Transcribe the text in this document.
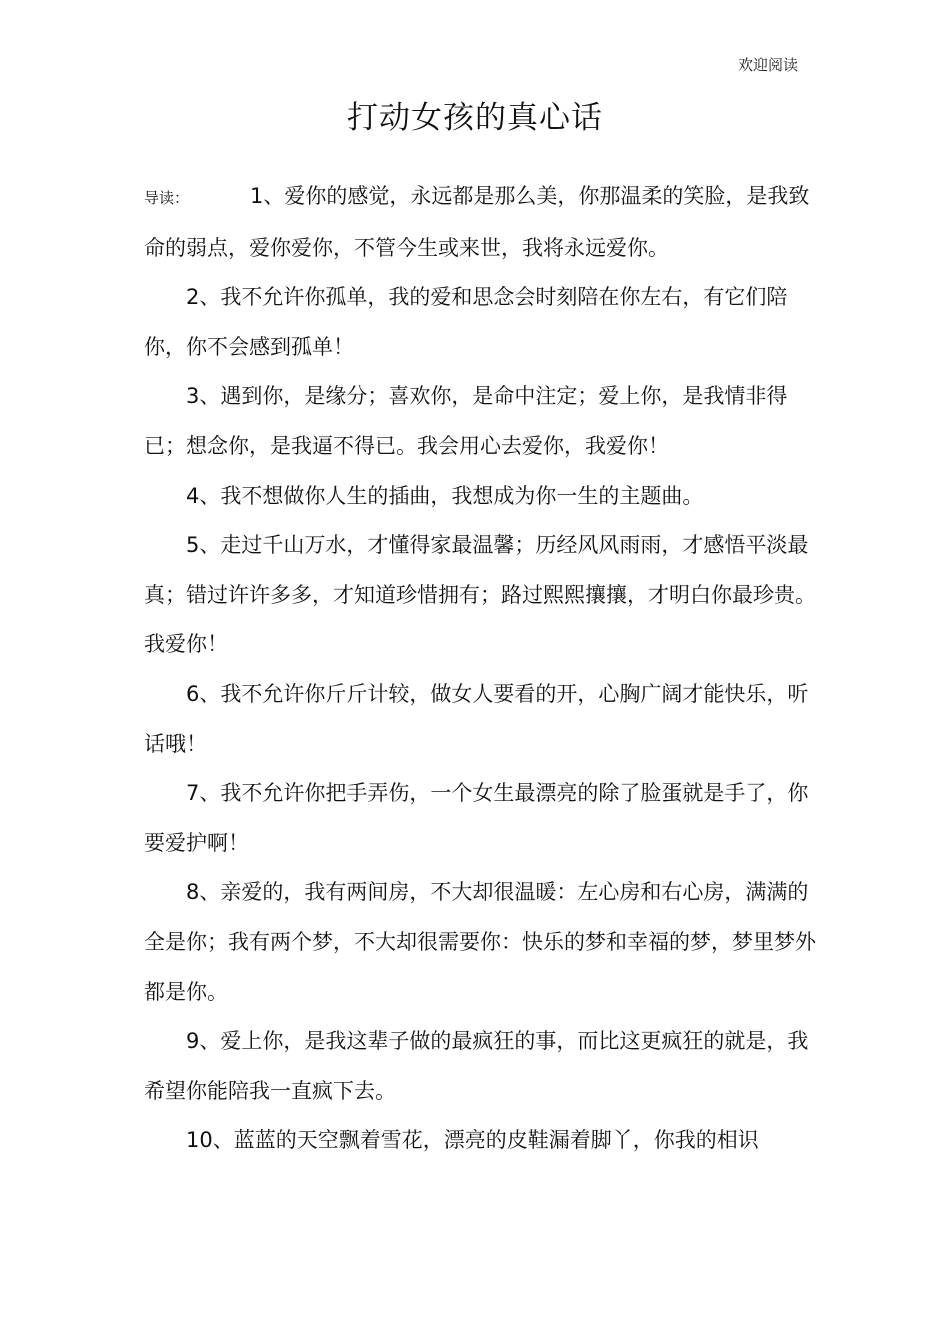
欢迎阅读
打动女孩的真心话

导读：	1、爱你的感觉，永远都是那么美，你那温柔的笑脸，是我致命的弱点，爱你爱你，不管今生或来世，我将永远爱你。

2、我不允许你孤单，我的爱和思念会时刻陪在你左右，有它们陪你，你不会感到孤单！

3、遇到你，是缘分；喜欢你，是命中注定；爱上你，是我情非得已；想念你，是我逼不得已。我会用心去爱你，我爱你！

4、我不想做你人生的插曲，我想成为你一生的主题曲。

5、走过千山万水，才懂得家最温馨；历经风风雨雨，才感悟平淡最真；错过许许多多，才知道珍惜拥有；路过熙熙攘攘，才明白你最珍贵。我爱你！

6、我不允许你斤斤计较，做女人要看的开，心胸广阔才能快乐，听话哦！

7、我不允许你把手弄伤，一个女生最漂亮的除了脸蛋就是手了，你要爱护啊！

8、亲爱的，我有两间房，不大却很温暖：左心房和右心房，满满的全是你；我有两个梦，不大却很需要你：快乐的梦和幸福的梦，梦里梦外都是你。

9、爱上你，是我这辈子做的最疯狂的事，而比这更疯狂的就是，我希望你能陪我一直疯下去。

10、蓝蓝的天空飘着雪花，漂亮的皮鞋漏着脚丫，你我的相识
